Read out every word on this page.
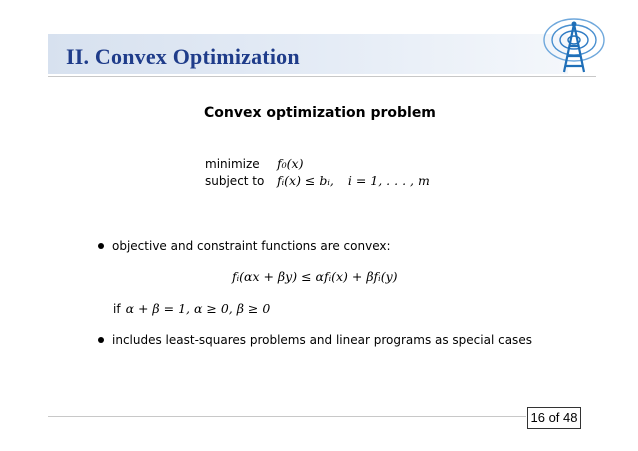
II. Convex Optimization
Convex optimization problem
minimize	f₀(x)
subject to	fᵢ(x) ≤ bᵢ, i = 1, . . . , m
objective and constraint functions are convex:
fᵢ(αx + βy) ≤ αfᵢ(x) + βfᵢ(y)
if α + β = 1, α ≥ 0, β ≥ 0
includes least-squares problems and linear programs as special cases
16 of 48
